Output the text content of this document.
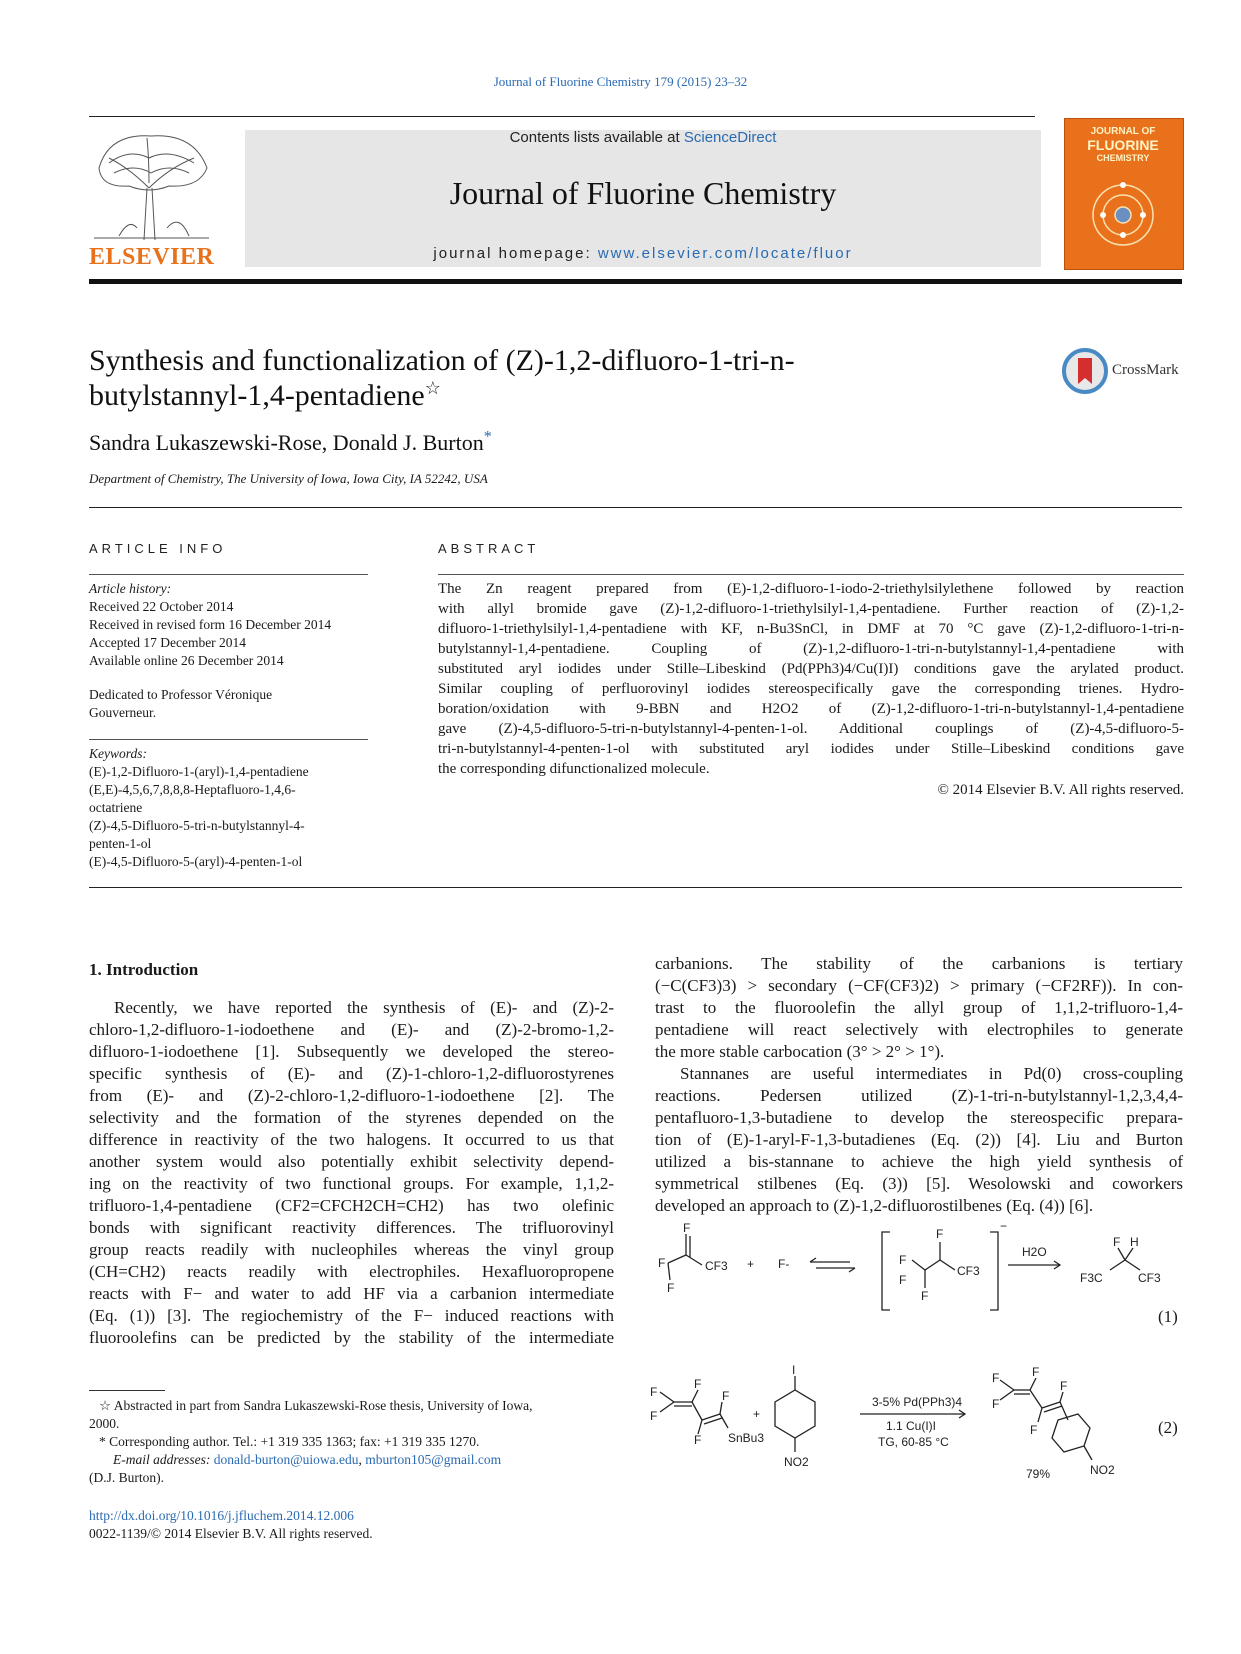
Journal of Fluorine Chemistry 179 (2015) 23–32
ELSEVIER
Contents lists available at ScienceDirect
Journal of Fluorine Chemistry
journal homepage: www.elsevier.com/locate/fluor
JOURNAL OF
FLUORINE
CHEMISTRY
Synthesis and functionalization of (Z)-1,2-difluoro-1-tri-n-
butylstannyl-1,4-pentadiene☆
CrossMark
Sandra Lukaszewski-Rose, Donald J. Burton*
Department of Chemistry, The University of Iowa, Iowa City, IA 52242, USA
ARTICLE INFO
Article history:
Received 22 October 2014
Received in revised form 16 December 2014
Accepted 17 December 2014
Available online 26 December 2014
Dedicated to Professor Véronique
Gouverneur.
Keywords:
(E)-1,2-Difluoro-1-(aryl)-1,4-pentadiene
(E,E)-4,5,6,7,8,8,8-Heptafluoro-1,4,6-
octatriene
(Z)-4,5-Difluoro-5-tri-n-butylstannyl-4-
penten-1-ol
(E)-4,5-Difluoro-5-(aryl)-4-penten-1-ol
ABSTRACT
The Zn reagent prepared from (E)-1,2-difluoro-1-iodo-2-triethylsilylethene followed by reaction
with allyl bromide gave (Z)-1,2-difluoro-1-triethylsilyl-1,4-pentadiene. Further reaction of (Z)-1,2-
difluoro-1-triethylsilyl-1,4-pentadiene with KF, n-Bu3SnCl, in DMF at 70 °C gave (Z)-1,2-difluoro-1-tri-n-
butylstannyl-1,4-pentadiene. Coupling of (Z)-1,2-difluoro-1-tri-n-butylstannyl-1,4-pentadiene with
substituted aryl iodides under Stille–Libeskind (Pd(PPh3)4/Cu(I)I) conditions gave the arylated product.
Similar coupling of perfluorovinyl iodides stereospecifically gave the corresponding trienes. Hydro-
boration/oxidation with 9-BBN and H2O2 of (Z)-1,2-difluoro-1-tri-n-butylstannyl-1,4-pentadiene
gave (Z)-4,5-difluoro-5-tri-n-butylstannyl-4-penten-1-ol. Additional couplings of (Z)-4,5-difluoro-5-
tri-n-butylstannyl-4-penten-1-ol with substituted aryl iodides under Stille–Libeskind conditions gave
the corresponding difunctionalized molecule.
© 2014 Elsevier B.V. All rights reserved.
1. Introduction
Recently, we have reported the synthesis of (E)- and (Z)-2-
chloro-1,2-difluoro-1-iodoethene and (E)- and (Z)-2-bromo-1,2-
difluoro-1-iodoethene [1]. Subsequently we developed the stereo-
specific synthesis of (E)- and (Z)-1-chloro-1,2-difluorostyrenes
from (E)- and (Z)-2-chloro-1,2-difluoro-1-iodoethene [2]. The
selectivity and the formation of the styrenes depended on the
difference in reactivity of the two halogens. It occurred to us that
another system would also potentially exhibit selectivity depend-
ing on the reactivity of two functional groups. For example, 1,1,2-
trifluoro-1,4-pentadiene (CF2=CFCH2CH=CH2) has two olefinic
bonds with significant reactivity differences. The trifluorovinyl
group reacts readily with nucleophiles whereas the vinyl group
(CH=CH2) reacts readily with electrophiles. Hexafluoropropene
reacts with F− and water to add HF via a carbanion intermediate
(Eq. (1)) [3]. The regiochemistry of the F− induced reactions with
fluoroolefins can be predicted by the stability of the intermediate
carbanions. The stability of the carbanions is tertiary
(−C(CF3)3) > secondary (−CF(CF3)2) > primary (−CF2RF)). In con-
trast to the fluoroolefin the allyl group of 1,1,2-trifluoro-1,4-
pentadiene will react selectively with electrophiles to generate
the more stable carbocation (3° > 2° > 1°).
Stannanes are useful intermediates in Pd(0) cross-coupling
reactions. Pedersen utilized (Z)-1-tri-n-butylstannyl-1,2,3,4,4-
pentafluoro-1,3-butadiene to develop the stereospecific prepara-
tion of (E)-1-aryl-F-1,3-butadienes (Eq. (2)) [4]. Liu and Burton
utilized a bis-stannane to achieve the high yield synthesis of
symmetrical stilbenes (Eq. (3)) [5]. Wesolowski and coworkers
developed an approach to (Z)-1,2-difluorostilbenes (Eq. (4)) [6].
F
F
F
CF3 + F-
−
F
F
F
F
CF3
H2O
F H
F3C	CF3
(1)
F
F
F
F
F
SnBu3
+
I
NO2
3-5% Pd(PPh3)4
1.1 Cu(I)I
TG, 60-85 °C
F
F
F
F
F
NO2
79%
(2)
☆ Abstracted in part from Sandra Lukaszewski-Rose thesis, University of Iowa,
2000.
* Corresponding author. Tel.: +1 319 335 1363; fax: +1 319 335 1270.
E-mail addresses: donald-burton@uiowa.edu, mburton105@gmail.com
(D.J. Burton).
http://dx.doi.org/10.1016/j.jfluchem.2014.12.006
0022-1139/© 2014 Elsevier B.V. All rights reserved.
